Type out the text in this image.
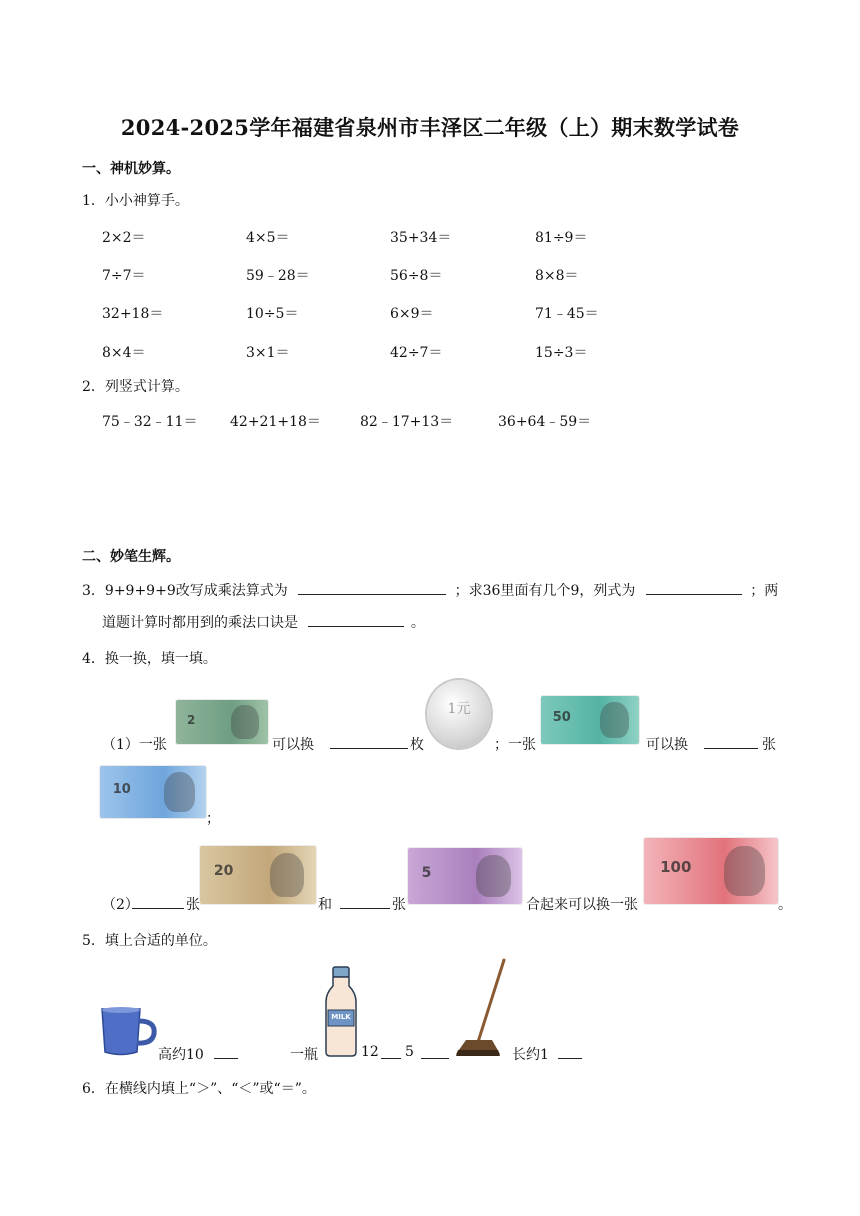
2024-2025学年福建省泉州市丰泽区二年级（上）期末数学试卷
一、神机妙算。
1．小小神算手。
2×2＝	4×5＝	35+34＝	81÷9＝
7÷7＝	59﹣28＝	56÷8＝	8×8＝
32+18＝	10÷5＝	6×9＝	71﹣45＝
8×4＝	3×1＝	42÷7＝	15÷3＝
2．列竖式计算。
75﹣32﹣11＝ 42+21+18＝	82﹣17+13＝	36+64﹣59＝
二、妙笔生辉。
3．9+9+9+9改写成乘法算式为	；求36里面有几个9，列式为	；两
道题计算时都用到的乘法口诀是	。
4．换一换，填一填。
（1）一张
2
可以换	枚
1元
；一张
50
可以换	张
10
；
（2）	张
20
和	张
5
合起来可以换一张
100
。
5．填上合适的单位。
高约10	一瓶
MILK
12 5	长约1
6．在横线内填上“＞”、“＜”或“＝”。
